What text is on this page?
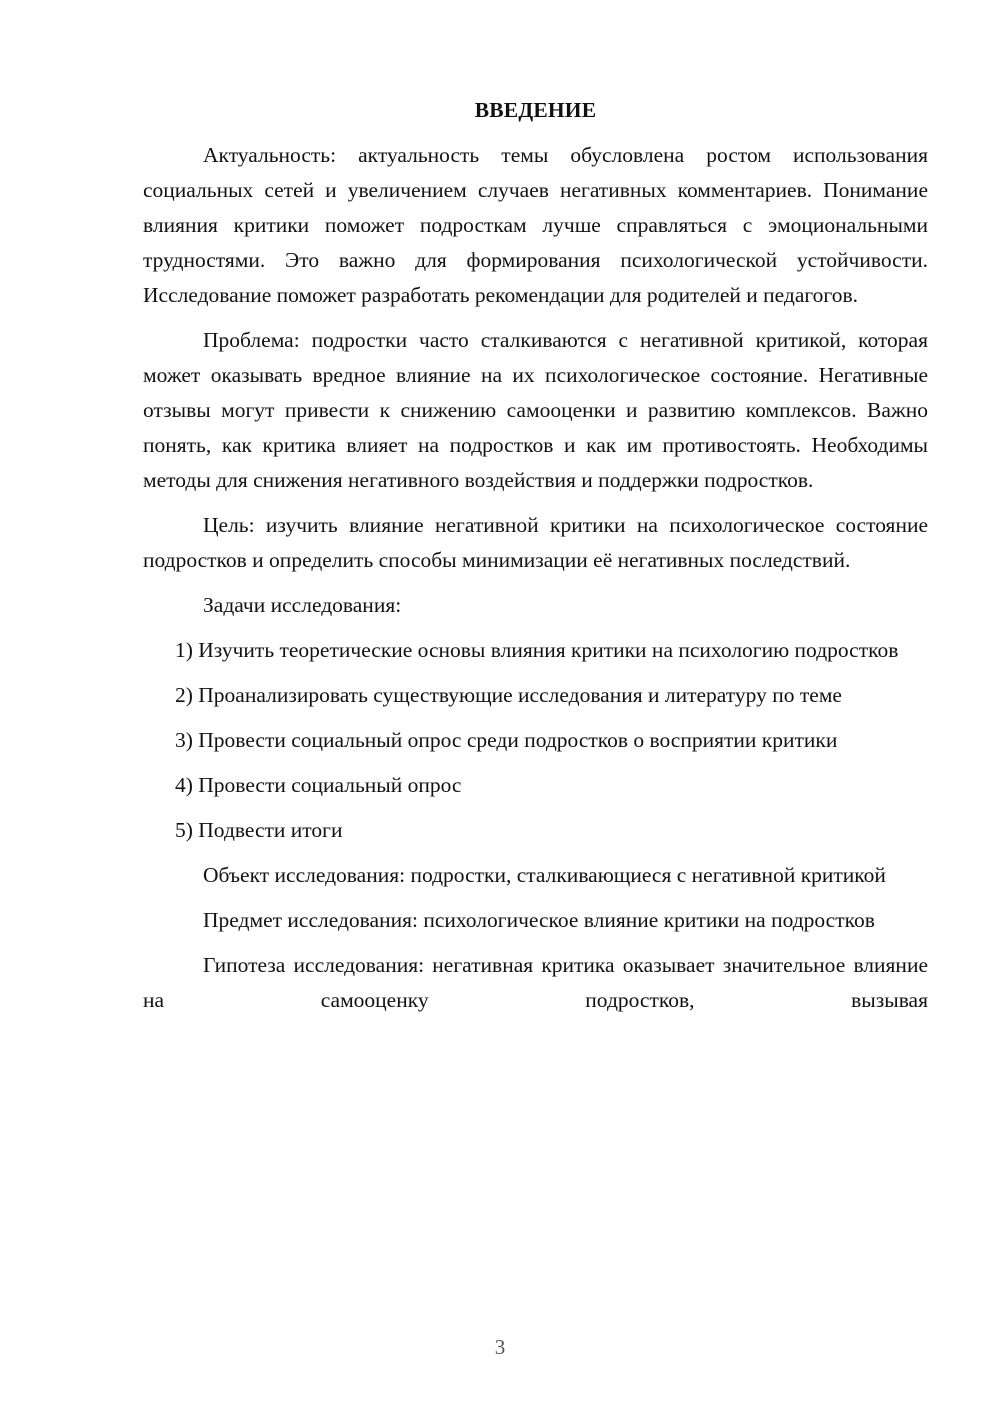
ВВЕДЕНИЕ

Актуальность: актуальность темы обусловлена ростом использования социальных сетей и увеличением случаев негативных комментариев. Понимание влияния критики поможет подросткам лучше справляться с эмоциональными трудностями. Это важно для формирования психологической устойчивости. Исследование поможет разработать рекомендации для родителей и педагогов.

Проблема: подростки часто сталкиваются с негативной критикой, которая может оказывать вредное влияние на их психологическое состояние. Негативные отзывы могут привести к снижению самооценки и развитию комплексов. Важно понять, как критика влияет на подростков и как им противостоять. Необходимы методы для снижения негативного воздействия и поддержки подростков.

Цель: изучить влияние негативной критики на психологическое состояние подростков и определить способы минимизации её негативных последствий.

Задачи исследования:

1) Изучить теоретические основы влияния критики на психологию подростков

2) Проанализировать существующие исследования и литературу по теме

3) Провести социальный опрос среди подростков о восприятии критики

4) Провести социальный опрос

5) Подвести итоги

Объект исследования: подростки, сталкивающиеся с негативной критикой

Предмет исследования: психологическое влияние критики на подростков

Гипотеза исследования: негативная критика оказывает значительное влияние на самооценку подростков, вызывая

3
